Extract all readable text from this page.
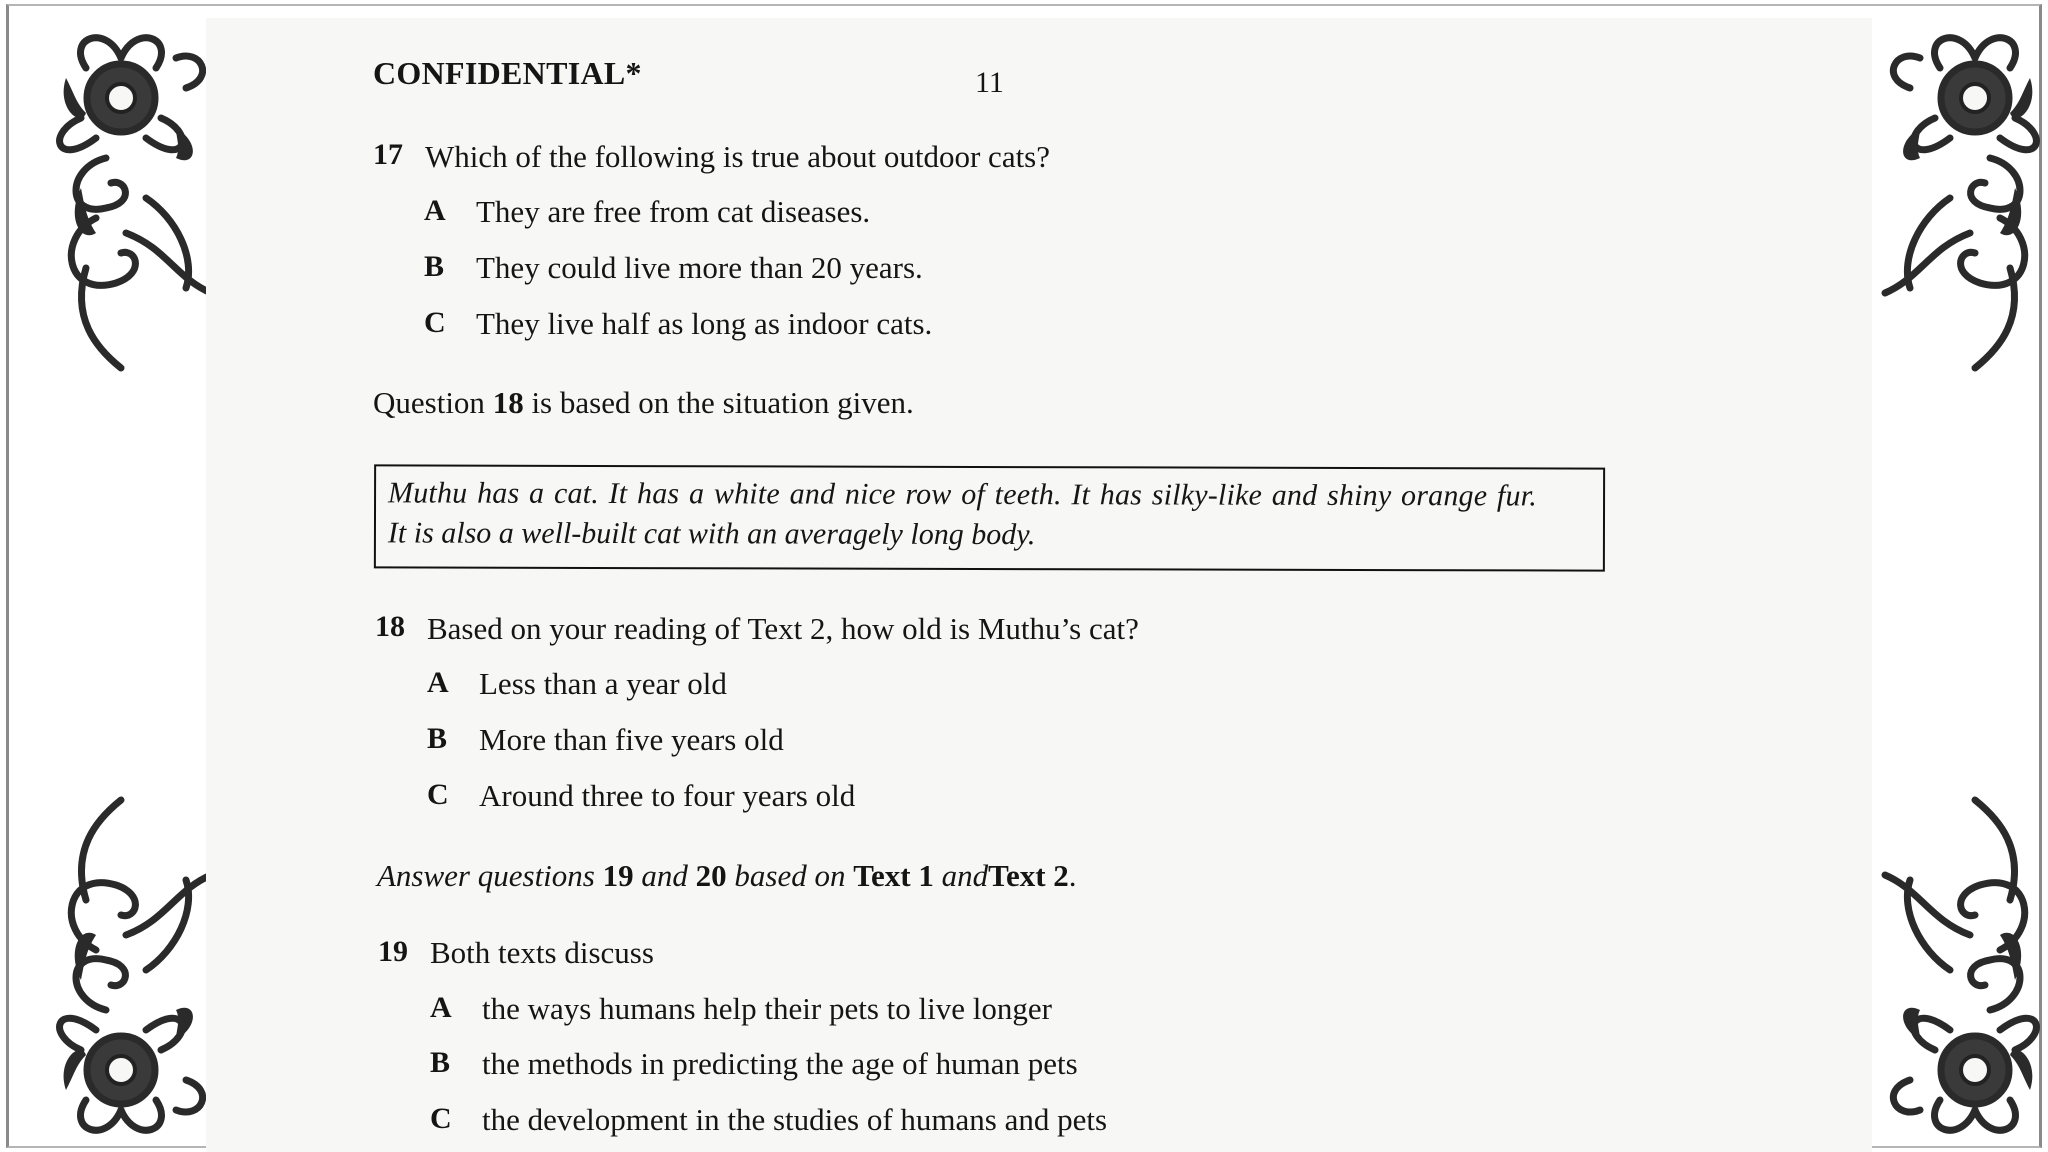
CONFIDENTIAL*	11
17 Which of the following is true about outdoor cats?
A They are free from cat diseases.
B They could live more than 20 years.
C They live half as long as indoor cats.
Question 18 is based on the situation given.
Muthu has a cat. It has a white and nice row of teeth. It has silky-like and shiny orange fur.
It is also a well-built cat with an averagely long body.
18 Based on your reading of Text 2, how old is Muthu’s cat?
A Less than a year old
B More than five years old
C Around three to four years old
Answer questions 19 and 20 based on Text 1 andText 2.
19 Both texts discuss
A the ways humans help their pets to live longer
B the methods in predicting the age of human pets
C the development in the studies of humans and pets
